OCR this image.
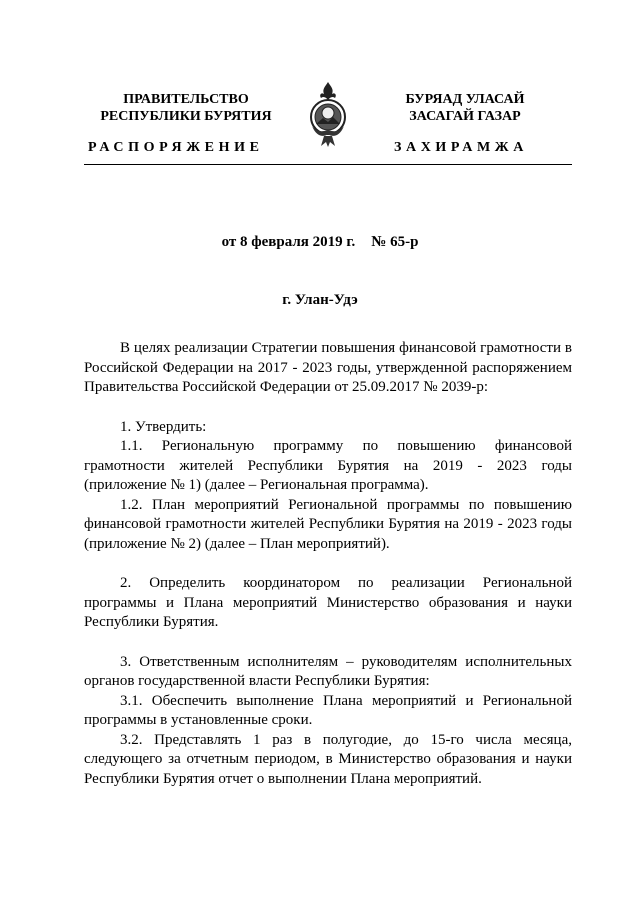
ПРАВИТЕЛЬСТВО
РЕСПУБЛИКИ БУРЯТИЯ
БУРЯАД УЛАСАЙ
ЗАСАГАЙ ГАЗАР
РАСПОРЯЖЕНИЕ	ЗАХИРАМЖА
от 8 февраля 2019 г. № 65-р
г. Улан-Удэ

В целях реализации Стратегии повышения финансовой грамотности в Российской Федерации на 2017 - 2023 годы, утвержденной распоряжением Правительства Российской Федерации от 25.09.2017 № 2039-р:

1. Утвердить:

1.1. Региональную программу по повышению финансовой грамотности жителей Республики Бурятия на 2019 - 2023 годы (приложение № 1) (далее – Региональная программа).

1.2. План мероприятий Региональной программы по повышению финансовой грамотности жителей Республики Бурятия на 2019 - 2023 годы (приложение № 2) (далее – План мероприятий).

2. Определить координатором по реализации Региональной программы и Плана мероприятий Министерство образования и науки Республики Бурятия.

3. Ответственным исполнителям – руководителям исполнительных органов государственной власти Республики Бурятия:

3.1. Обеспечить выполнение Плана мероприятий и Региональной программы в установленные сроки.

3.2. Представлять 1 раз в полугодие, до 15-го числа месяца, следующего за отчетным периодом, в Министерство образования и науки Республики Бурятия отчет о выполнении Плана мероприятий.
